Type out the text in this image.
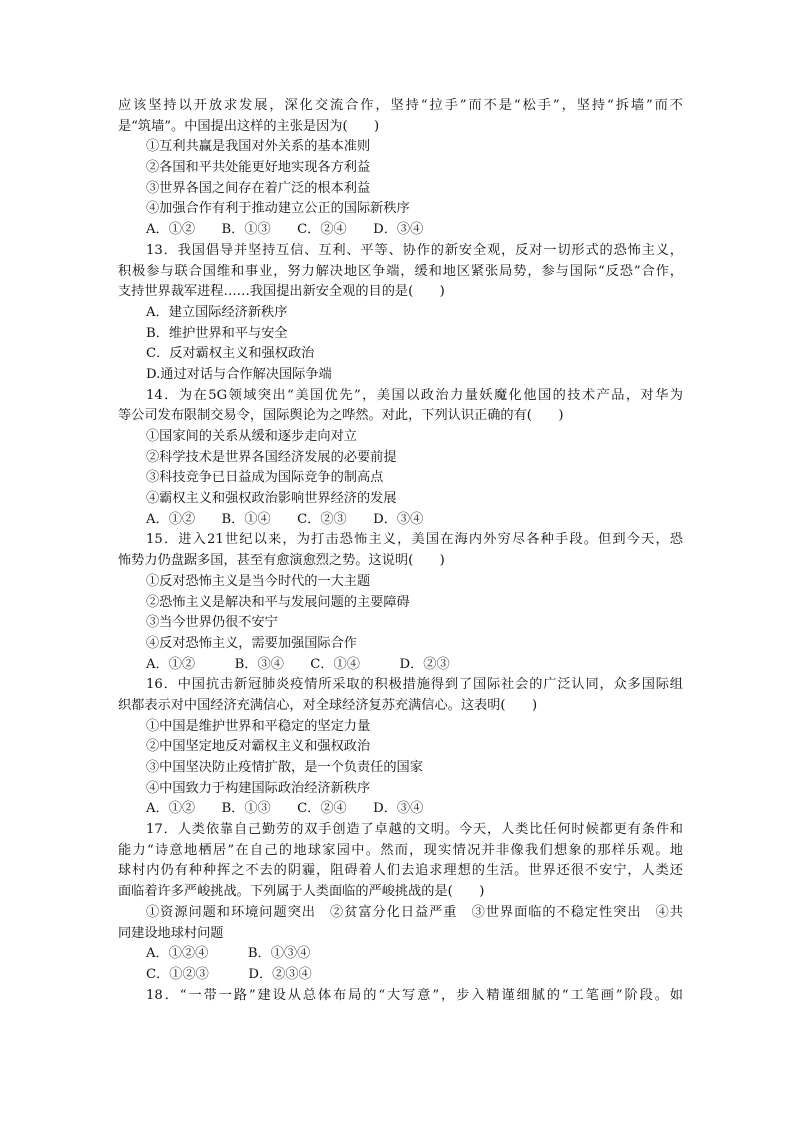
应该坚持以开放求发展，深化交流合作，坚持“拉手”而不是“松手”，坚持“拆墙”而不
是“筑墙”。中国提出这样的主张是因为(　　)
①互利共赢是我国对外关系的基本准则
②各国和平共处能更好地实现各方利益
③世界各国之间存在着广泛的根本利益
④加强合作有利于推动建立公正的国际新秩序
A．①②　　B．①③　　C．②④　　D．③④
13．我国倡导并坚持互信、互利、平等、协作的新安全观，反对一切形式的恐怖主义，
积极参与联合国维和事业，努力解决地区争端，缓和地区紧张局势，参与国际“反恐”合作，
支持世界裁军进程……我国提出新安全观的目的是(　　)
A．建立国际经济新秩序
B．维护世界和平与安全
C．反对霸权主义和强权政治
D.通过对话与合作解决国际争端
14．为在5G领域突出“美国优先”，美国以政治力量妖魔化他国的技术产品，对华为
等公司发布限制交易令，国际舆论为之哗然。对此，下列认识正确的有(　　)
①国家间的关系从缓和逐步走向对立
②科学技术是世界各国经济发展的必要前提
③科技竞争已日益成为国际竞争的制高点
④霸权主义和强权政治影响世界经济的发展
A．①②　　B．①④　　C．②③　　D．③④
15．进入21世纪以来，为打击恐怖主义，美国在海内外穷尽各种手段。但到今天，恐
怖势力仍盘踞多国，甚至有愈演愈烈之势。这说明(　　)
①反对恐怖主义是当今时代的一大主题
②恐怖主义是解决和平与发展问题的主要障碍
③当今世界仍很不安宁
④反对恐怖主义，需要加强国际合作
A．①②　　　B．③④　　C．①④　　　D．②③
16．中国抗击新冠肺炎疫情所采取的积极措施得到了国际社会的广泛认同，众多国际组
织都表示对中国经济充满信心，对全球经济复苏充满信心。这表明(　　)
①中国是维护世界和平稳定的坚定力量
②中国坚定地反对霸权主义和强权政治
③中国坚决防止疫情扩散，是一个负责任的国家
④中国致力于构建国际政治经济新秩序
A．①②　　B．①③　　C．②④　　D．③④
17．人类依靠自己勤劳的双手创造了卓越的文明。今天，人类比任何时候都更有条件和
能力“诗意地栖居”在自己的地球家园中。然而，现实情况并非像我们想象的那样乐观。地
球村内仍有种种挥之不去的阴霾，阻碍着人们去追求理想的生活。世界还很不安宁，人类还
面临着许多严峻挑战。下列属于人类面临的严峻挑战的是(　　)
①资源问题和环境问题突出　②贫富分化日益严重　③世界面临的不稳定性突出　④共
同建设地球村问题
A．①②④　　　B．①③④
C．①②③　　　D．②③④
18．“一带一路”建设从总体布局的“大写意”，步入精谨细腻的“工笔画”阶段。如
